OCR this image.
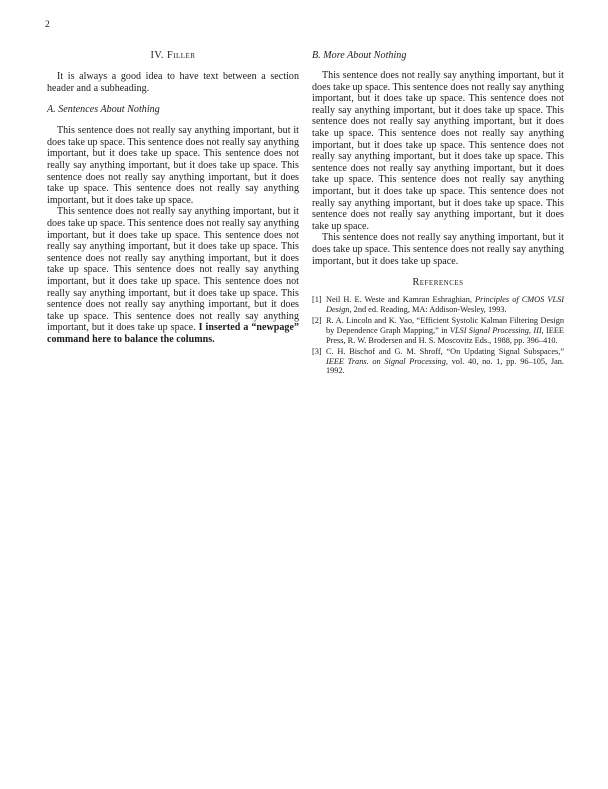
2
IV. Filler

It is always a good idea to have text between a section header and a subheading.

A. Sentences About Nothing

This sentence does not really say anything important, but it does take up space. This sentence does not really say anything important, but it does take up space. This sentence does not really say anything important, but it does take up space. This sentence does not really say anything important, but it does take up space. This sentence does not really say anything important, but it does take up space.

This sentence does not really say anything important, but it does take up space. This sentence does not really say anything important, but it does take up space. This sentence does not really say anything important, but it does take up space. This sentence does not really say anything important, but it does take up space. This sentence does not really say anything important, but it does take up space. This sentence does not really say anything important, but it does take up space. This sentence does not really say anything important, but it does take up space. This sentence does not really say anything important, but it does take up space. I inserted a “newpage” command here to balance the columns.

B. More About Nothing

This sentence does not really say anything important, but it does take up space. This sentence does not really say anything important, but it does take up space. This sentence does not really say anything important, but it does take up space. This sentence does not really say anything important, but it does take up space. This sentence does not really say anything important, but it does take up space. This sentence does not really say anything important, but it does take up space. This sentence does not really say anything important, but it does take up space. This sentence does not really say anything important, but it does take up space. This sentence does not really say anything important, but it does take up space. This sentence does not really say anything important, but it does take up space.

This sentence does not really say anything important, but it does take up space. This sentence does not really say anything important, but it does take up space.

References
[1] Neil H. E. Weste and Kamran Eshraghian, Principles of CMOS VLSI Design, 2nd ed. Reading, MA: Addison-Wesley, 1993.
[2] R. A. Lincoln and K. Yao, “Efficient Systolic Kalman Filtering Design by Dependence Graph Mapping,” in VLSI Signal Processing, III, IEEE Press, R. W. Brodersen and H. S. Moscovitz Eds., 1988, pp. 396–410.
[3] C. H. Bischof and G. M. Shroff, “On Updating Signal Subspaces,” IEEE Trans. on Signal Processing, vol. 40, no. 1, pp. 96–105, Jan. 1992.
